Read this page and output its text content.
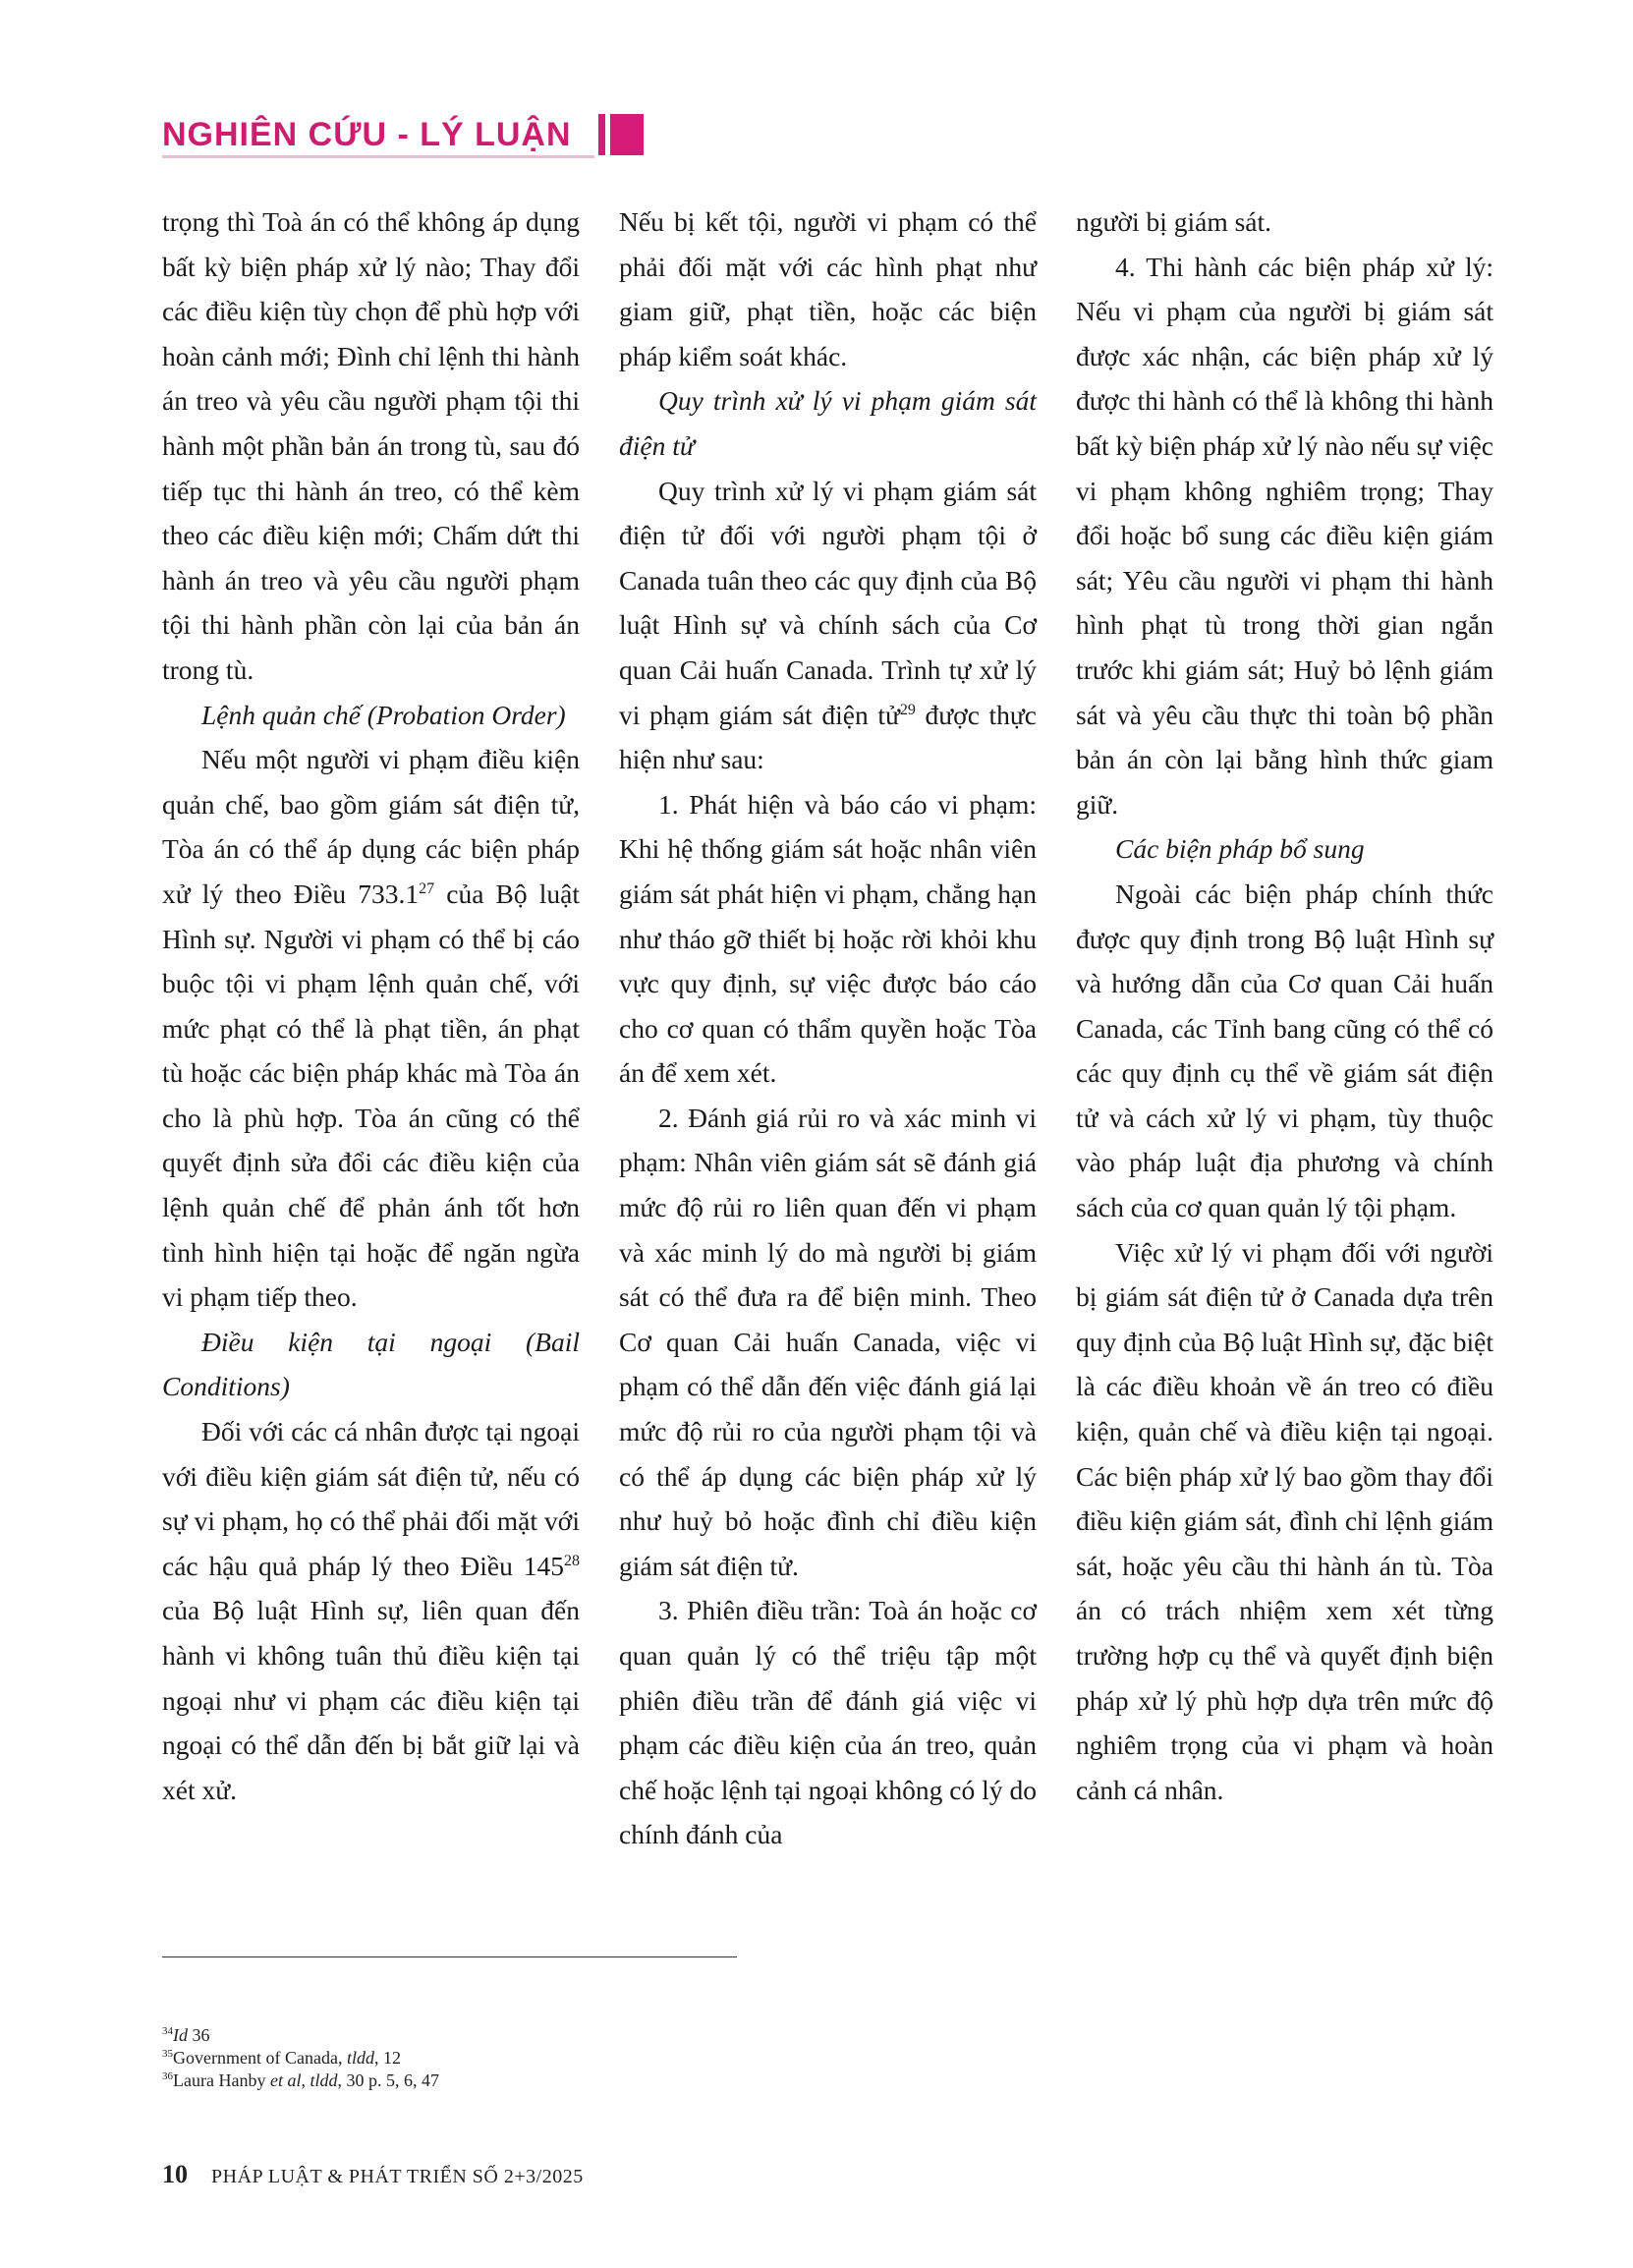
NGHIÊN CỨU - LÝ LUẬN

trọng thì Toà án có thể không áp dụng bất kỳ biện pháp xử lý nào; Thay đổi các điều kiện tùy chọn để phù hợp với hoàn cảnh mới; Đình chỉ lệnh thi hành án treo và yêu cầu người phạm tội thi hành một phần bản án trong tù, sau đó tiếp tục thi hành án treo, có thể kèm theo các điều kiện mới; Chấm dứt thi hành án treo và yêu cầu người phạm tội thi hành phần còn lại của bản án trong tù.

Lệnh quản chế (Probation Order)

Nếu một người vi phạm điều kiện quản chế, bao gồm giám sát điện tử, Tòa án có thể áp dụng các biện pháp xử lý theo Điều 733.1$^{27}$ của Bộ luật Hình sự. Người vi phạm có thể bị cáo buộc tội vi phạm lệnh quản chế, với mức phạt có thể là phạt tiền, án phạt tù hoặc các biện pháp khác mà Tòa án cho là phù hợp. Tòa án cũng có thể quyết định sửa đổi các điều kiện của lệnh quản chế để phản ánh tốt hơn tình hình hiện tại hoặc để ngăn ngừa vi phạm tiếp theo.

Điều kiện tại ngoại (Bail Conditions)

Đối với các cá nhân được tại ngoại với điều kiện giám sát điện tử, nếu có sự vi phạm, họ có thể phải đối mặt với các hậu quả pháp lý theo Điều $145^{28}$ của Bộ luật Hình sự, liên quan đến hành vi không tuân thủ điều kiện tại ngoại như vi phạm các điều kiện tại ngoại có thể dẫn đến bị bắt giữ lại và xét xử.

Nếu bị kết tội, người vi phạm có thể phải đối mặt với các hình phạt như giam giữ, phạt tiền, hoặc các biện pháp kiểm soát khác.

Quy trình xử lý vi phạm giám sát điện tử

Quy trình xử lý vi phạm giám sát điện tử đối với người phạm tội ở Canada tuân theo các quy định của Bộ luật Hình sự và chính sách của Cơ quan Cải huấn Canada. Trình tự xử lý vi phạm giám sát điện tử$^{29}$ được thực hiện như sau:

1. Phát hiện và báo cáo vi phạm: Khi hệ thống giám sát hoặc nhân viên giám sát phát hiện vi phạm, chẳng hạn như tháo gỡ thiết bị hoặc rời khỏi khu vực quy định, sự việc được báo cáo cho cơ quan có thẩm quyền hoặc Tòa án để xem xét.

2. Đánh giá rủi ro và xác minh vi phạm: Nhân viên giám sát sẽ đánh giá mức độ rủi ro liên quan đến vi phạm và xác minh lý do mà người bị giám sát có thể đưa ra để biện minh. Theo Cơ quan Cải huấn Canada, việc vi phạm có thể dẫn đến việc đánh giá lại mức độ rủi ro của người phạm tội và có thể áp dụng các biện pháp xử lý như huỷ bỏ hoặc đình chỉ điều kiện giám sát điện tử.

3. Phiên điều trần: Toà án hoặc cơ quan quản lý có thể triệu tập một phiên điều trần để đánh giá việc vi phạm các điều kiện của án treo, quản chế hoặc lệnh tại ngoại không có lý do chính đánh của

người bị giám sát.

4. Thi hành các biện pháp xử lý: Nếu vi phạm của người bị giám sát được xác nhận, các biện pháp xử lý được thi hành có thể là không thi hành bất kỳ biện pháp xử lý nào nếu sự việc vi phạm không nghiêm trọng; Thay đổi hoặc bổ sung các điều kiện giám sát; Yêu cầu người vi phạm thi hành hình phạt tù trong thời gian ngắn trước khi giám sát; Huỷ bỏ lệnh giám sát và yêu cầu thực thi toàn bộ phần bản án còn lại bằng hình thức giam giữ.

Các biện pháp bổ sung

Ngoài các biện pháp chính thức được quy định trong Bộ luật Hình sự và hướng dẫn của Cơ quan Cải huấn Canada, các Tỉnh bang cũng có thể có các quy định cụ thể về giám sát điện tử và cách xử lý vi phạm, tùy thuộc vào pháp luật địa phương và chính sách của cơ quan quản lý tội phạm.

Việc xử lý vi phạm đối với người bị giám sát điện tử ở Canada dựa trên quy định của Bộ luật Hình sự, đặc biệt là các điều khoản về án treo có điều kiện, quản chế và điều kiện tại ngoại. Các biện pháp xử lý bao gồm thay đổi điều kiện giám sát, đình chỉ lệnh giám sát, hoặc yêu cầu thi hành án tù. Tòa án có trách nhiệm xem xét từng trường hợp cụ thể và quyết định biện pháp xử lý phù hợp dựa trên mức độ nghiêm trọng của vi phạm và hoàn cảnh cá nhân.

$^{34}$Id 36
$^{35}$Government of Canada, tldd, 12
$^{36}$Laura Hanby et al, tldd, 30 p. 5, 6, 47
10 PHÁP LUẬT & PHÁT TRIỂN SỐ 2+3/2025
